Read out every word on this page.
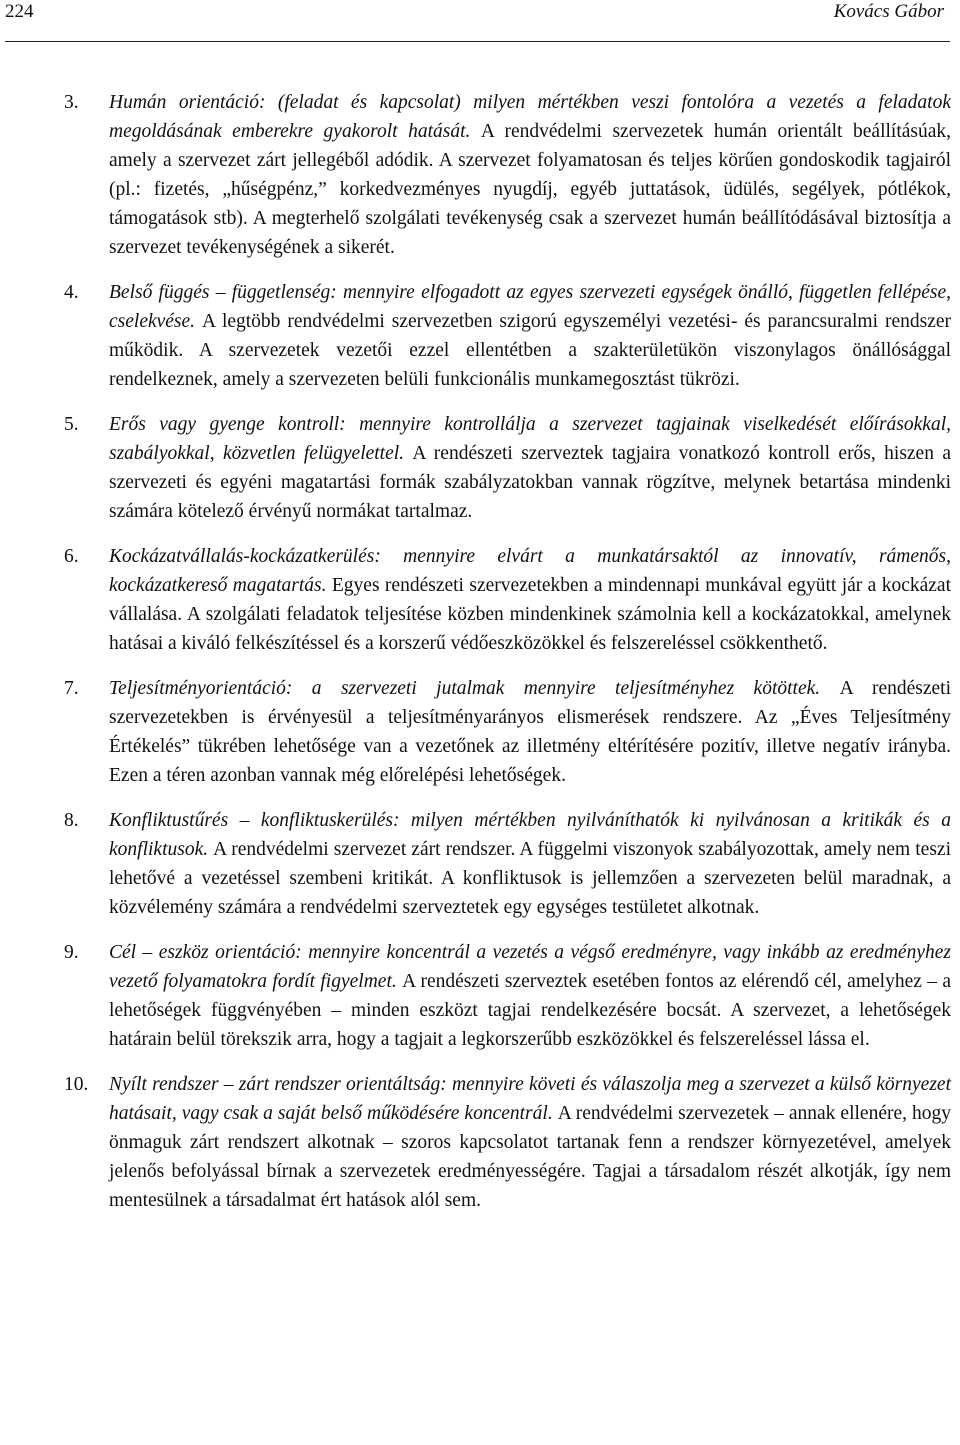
224	Kovács Gábor
3. Humán orientáció: (feladat és kapcsolat) milyen mértékben veszi fontolóra a vezetés a feladatok megoldásának emberekre gyakorolt hatását. A rendvédelmi szervezetek humán orientált beállításúak, amely a szervezet zárt jellegéből adódik. A szervezet folyamatosan és teljes körűen gondoskodik tagjairól (pl.: fizetés, „hűségpénz,” korkedvezményes nyugdíj, egyéb juttatások, üdülés, segélyek, pótlékok, támogatások stb). A megterhelő szolgálati tevékenység csak a szervezet humán beállítódásával biztosítja a szervezet tevékenységének a sikerét.
4. Belső függés – függetlenség: mennyire elfogadott az egyes szervezeti egységek önálló, független fellépése, cselekvése. A legtöbb rendvédelmi szervezetben szigorú egyszemélyi vezetési- és parancsuralmi rendszer működik. A szervezetek vezetői ezzel ellentétben a szakterületükön viszonylagos önállósággal rendelkeznek, amely a szervezeten belüli funkcionális munkamegosztást tükrözi.
5. Erős vagy gyenge kontroll: mennyire kontrollálja a szervezet tagjainak viselkedését előírásokkal, szabályokkal, közvetlen felügyelettel. A rendészeti szerveztek tagjaira vonatkozó kontroll erős, hiszen a szervezeti és egyéni magatartási formák szabályzatokban vannak rögzítve, melynek betartása mindenki számára kötelező érvényű normákat tartalmaz.
6. Kockázatvállalás-kockázatkerülés: mennyire elvárt a munkatársaktól az innovatív, rámenős, kockázatkereső magatartás. Egyes rendészeti szervezetekben a mindennapi munkával együtt jár a kockázat vállalása. A szolgálati feladatok teljesítése közben mindenkinek számolnia kell a kockázatokkal, amelynek hatásai a kiváló felkészítéssel és a korszerű védőeszközökkel és felszereléssel csökkenthető.
7. Teljesítményorientáció: a szervezeti jutalmak mennyire teljesítményhez kötöttek. A rendészeti szervezetekben is érvényesül a teljesítményarányos elismerések rendszere. Az „Éves Teljesítmény Értékelés” tükrében lehetősége van a vezetőnek az illetmény eltérítésére pozitív, illetve negatív irányba. Ezen a téren azonban vannak még előrelépési lehetőségek.
8. Konfliktustűrés – konfliktuskerülés: milyen mértékben nyilváníthatók ki nyilvánosan a kritikák és a konfliktusok. A rendvédelmi szervezet zárt rendszer. A függelmi viszonyok szabályozottak, amely nem teszi lehetővé a vezetéssel szembeni kritikát. A konfliktusok is jellemzően a szervezeten belül maradnak, a közvélemény számára a rendvédelmi szerveztetek egy egységes testületet alkotnak.
9. Cél – eszköz orientáció: mennyire koncentrál a vezetés a végső eredményre, vagy inkább az eredményhez vezető folyamatokra fordít figyelmet. A rendészeti szerveztek esetében fontos az elérendő cél, amelyhez – a lehetőségek függvényében – minden eszközt tagjai rendelkezésére bocsát. A szervezet, a lehetőségek határain belül törekszik arra, hogy a tagjait a legkorszerűbb eszközökkel és felszereléssel lássa el.
10. Nyílt rendszer – zárt rendszer orientáltság: mennyire követi és válaszolja meg a szervezet a külső környezet hatásait, vagy csak a saját belső működésére koncentrál. A rendvédelmi szervezetek – annak ellenére, hogy önmaguk zárt rendszert alkotnak – szoros kapcsolatot tartanak fenn a rendszer környezetével, amelyek jelenős befolyással bírnak a szervezetek eredményességére. Tagjai a társadalom részét alkotják, így nem mentesülnek a társadalmat ért hatások alól sem.
